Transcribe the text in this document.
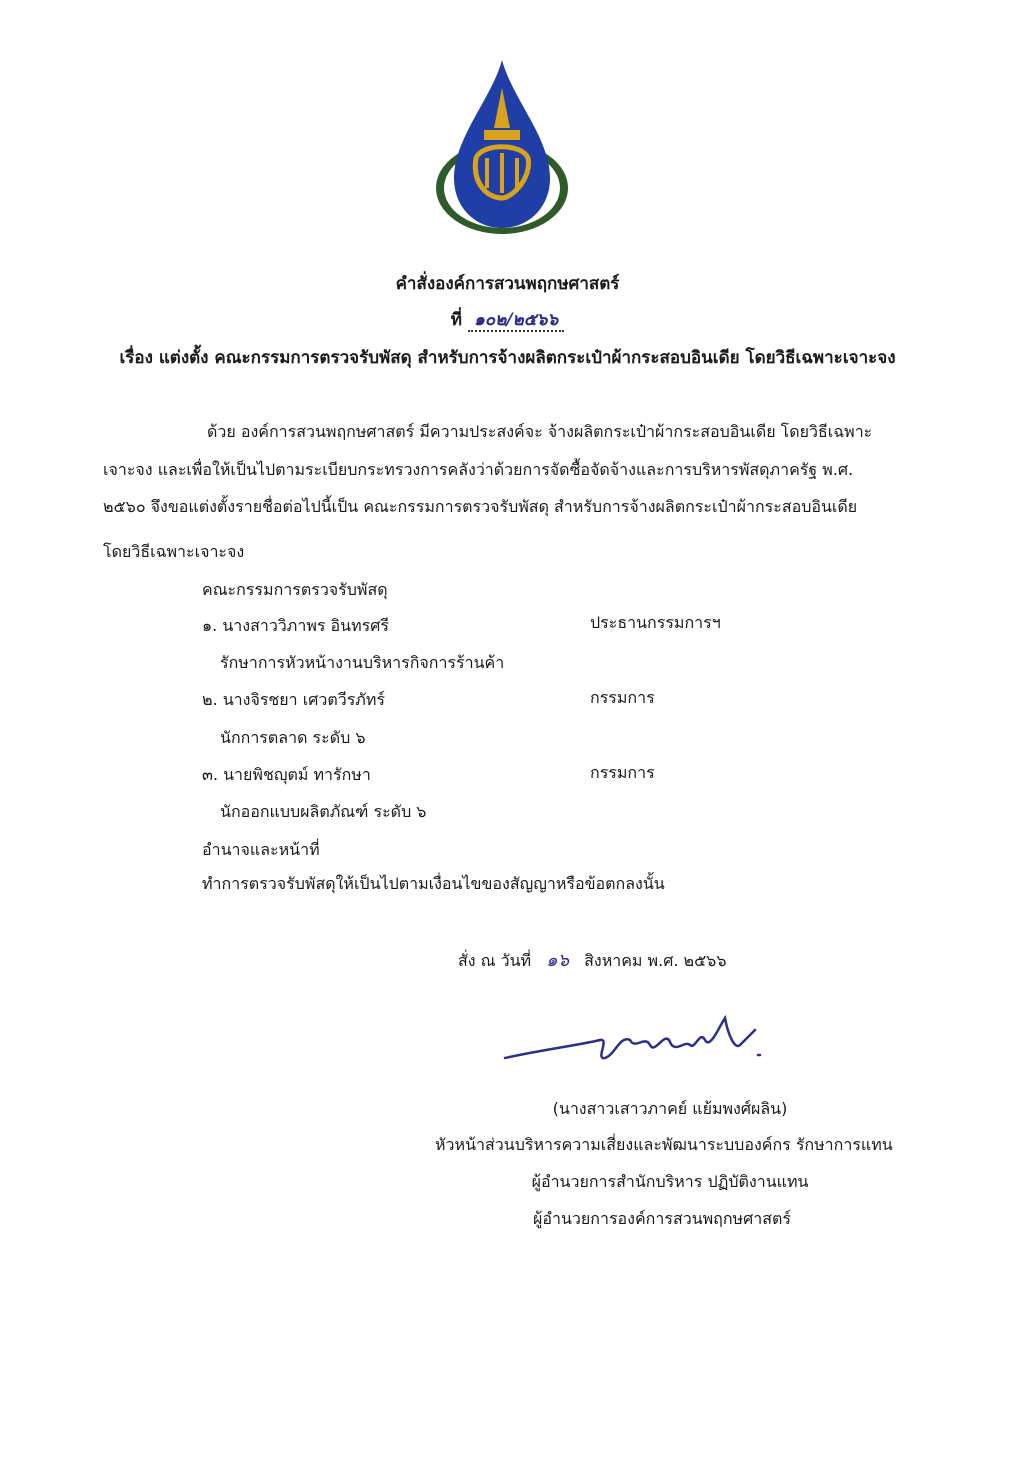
คำสั่งองค์การสวนพฤกษศาสตร์
ที่ ๑๐๒/๒๕๖๖
เรื่อง แต่งตั้ง คณะกรรมการตรวจรับพัสดุ สำหรับการจ้างผลิตกระเป๋าผ้ากระสอบอินเดีย โดยวิธีเฉพาะเจาะจง
ด้วย องค์การสวนพฤกษศาสตร์ มีความประสงค์จะ จ้างผลิตกระเป๋าผ้ากระสอบอินเดีย โดยวิธีเฉพาะ
เจาะจง และเพื่อให้เป็นไปตามระเบียบกระทรวงการคลังว่าด้วยการจัดซื้อจัดจ้างและการบริหารพัสดุภาครัฐ พ.ศ.
๒๕๖๐ จึงขอแต่งตั้งรายชื่อต่อไปนี้เป็น คณะกรรมการตรวจรับพัสดุ สำหรับการจ้างผลิตกระเป๋าผ้ากระสอบอินเดีย
โดยวิธีเฉพาะเจาะจง
คณะกรรมการตรวจรับพัสดุ
๑. นางสาววิภาพร อินทรศรี	ประธานกรรมการฯ
รักษาการหัวหน้างานบริหารกิจการร้านค้า
๒. นางจิรชยา เศวตวีรภัทร์	กรรมการ
นักการตลาด ระดับ ๖
๓. นายพิชญุตม์ ทารักษา	กรรมการ
นักออกแบบผลิตภัณฑ์ ระดับ ๖
อำนาจและหน้าที่
ทำการตรวจรับพัสดุให้เป็นไปตามเงื่อนไขของสัญญาหรือข้อตกลงนั้น
สั่ง ณ วันที่ ๑๖ สิงหาคม พ.ศ. ๒๕๖๖
(นางสาวเสาวภาคย์ แย้มพงศ์ผลิน)
หัวหน้าส่วนบริหารความเสี่ยงและพัฒนาระบบองค์กร รักษาการแทน
ผู้อำนวยการสำนักบริหาร ปฏิบัติงานแทน
ผู้อำนวยการองค์การสวนพฤกษศาสตร์
